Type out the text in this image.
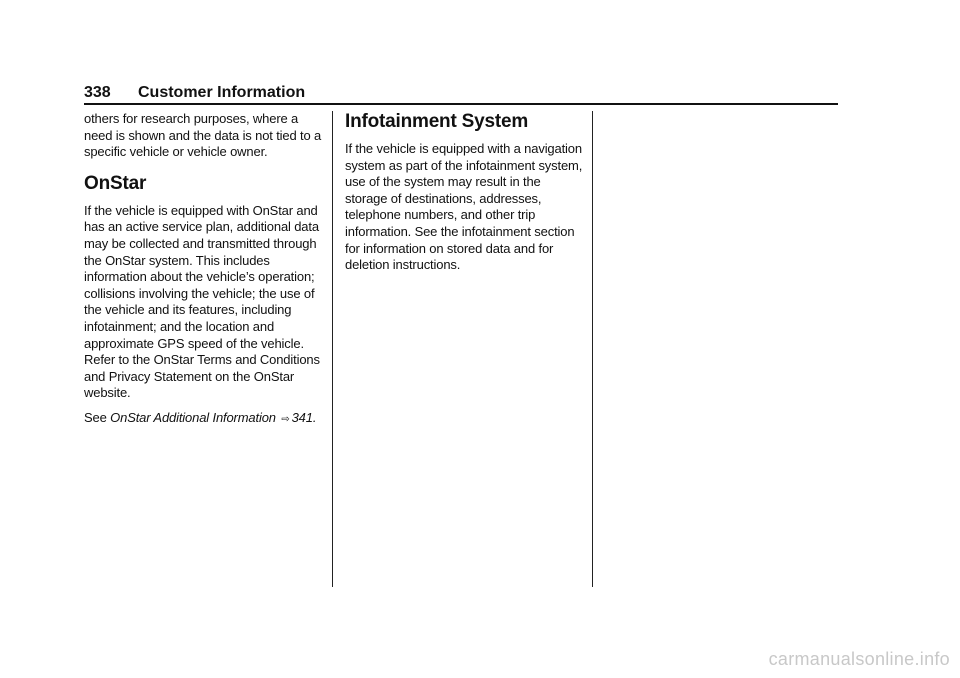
338 Customer Information

others for research purposes, where a need is shown and the data is not tied to a specific vehicle or vehicle owner.

OnStar

If the vehicle is equipped with OnStar and has an active service plan, additional data may be collected and transmitted through the OnStar system. This includes information about the vehicle’s operation; collisions involving the vehicle; the use of the vehicle and its features, including infotainment; and the location and approximate GPS speed of the vehicle. Refer to the OnStar Terms and Conditions and Privacy Statement on the OnStar website.

See OnStar Additional Information ⇨ 341.

Infotainment System

If the vehicle is equipped with a navigation system as part of the infotainment system, use of the system may result in the storage of destinations, addresses, telephone numbers, and other trip information. See the infotainment section for information on stored data and for deletion instructions.

carmanualsonline.info
